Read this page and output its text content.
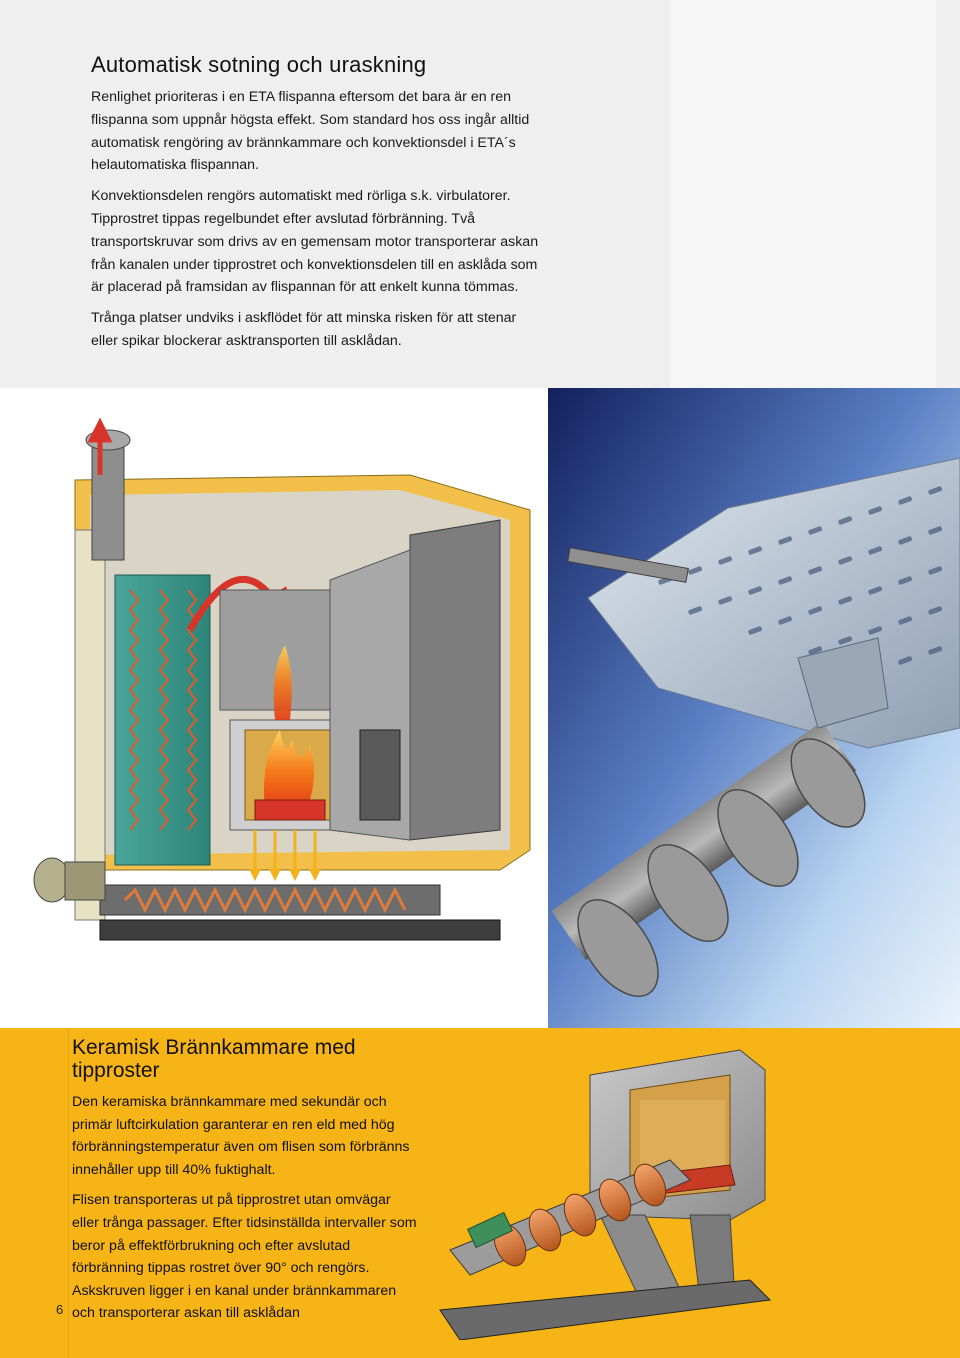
Automatisk sotning och uraskning

Renlighet prioriteras i en ETA flispanna eftersom det bara är en ren flispanna som uppnår högsta effekt. Som standard hos oss ingår alltid automatisk rengöring av brännkammare och konvektionsdel i ETA´s helautomatiska flispannan.

Konvektionsdelen rengörs automatiskt med rörliga s.k. virbulatorer. Tipprostret tippas regelbundet efter avslutad förbränning. Två transportskruvar som drivs av en gemensam motor transporterar askan från kanalen under tipprostret och konvektionsdelen till en asklåda som är placerad på framsidan av flispannan för att enkelt kunna tömmas.

Trånga platser undviks i askflödet för att minska risken för att stenar eller spikar blockerar asktransporten till asklådan.

Keramisk Brännkammare med tipproster

Den keramiska brännkammare med sekundär och primär luftcirkulation garanterar en ren eld med hög förbränningstemperatur även om flisen som förbränns innehåller upp till 40% fuktighalt.

Flisen transporteras ut på tipprostret utan omvägar eller trånga passager. Efter tidsinställda intervaller som beror på effektförbrukning och efter avslutad förbränning tippas rostret över 90° och rengörs. Askskruven ligger i en kanal under brännkammaren och transporterar askan till asklådan

6
